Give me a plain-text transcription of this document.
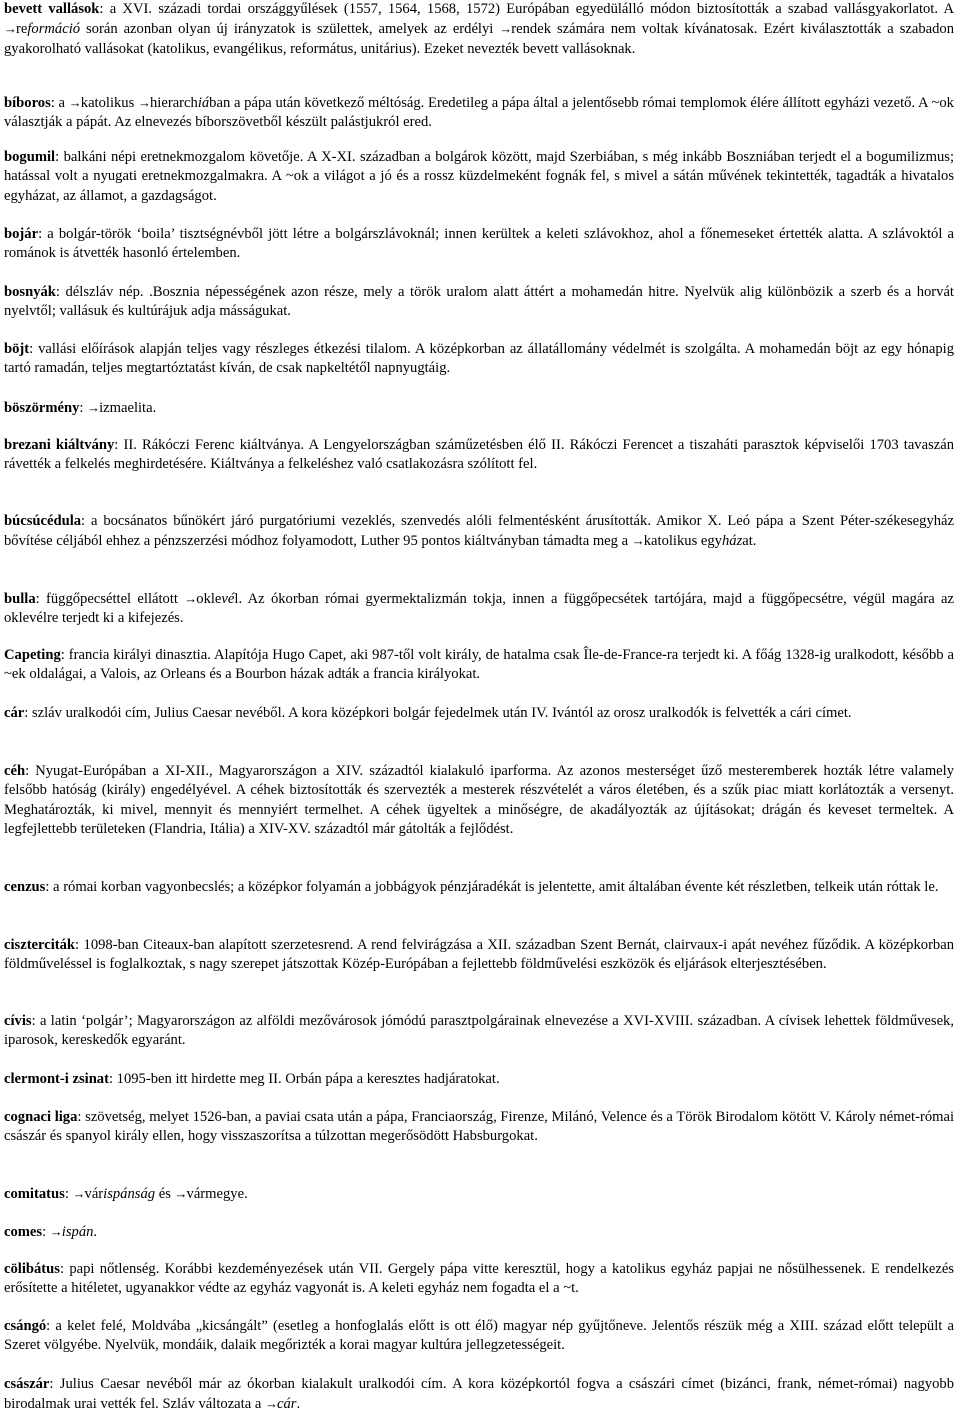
bevett vallások: a XVI. századi tordai országgyűlések (1557, 1564, 1568, 1572) Európában egyedülálló módon biztosították a szabad vallásgyakorlatot. A →reformáció során azonban olyan új irányzatok is születtek, amelyek az erdélyi →rendek számára nem voltak kívánatosak. Ezért kiválasztották a szabadon gyakorolható vallásokat (katolikus, evangélikus, református, unitárius). Ezeket nevezték bevett vallásoknak.

bíboros: a →katolikus →hierarchiában a pápa után következő méltóság. Eredetileg a pápa által a jelentősebb római templomok élére állított egyházi vezető. A ~ok választják a pápát. Az elnevezés bíborszövetből készült palástjukról ered.

bogumil: balkáni népi eretnekmozgalom követője. A X-XI. században a bolgárok között, majd Szerbiában, s még inkább Boszniában terjedt el a bogumilizmus; hatással volt a nyugati eretnekmozgalmakra. A ~ok a világot a jó és a rossz küzdelmeként fognák fel, s mivel a sátán művének tekintették, tagadták a hivatalos egyházat, az államot, a gazdagságot.

bojár: a bolgár-török ‘boila’ tisztségnévből jött létre a bolgárszlávoknál; innen kerültek a keleti szlávokhoz, ahol a főnemeseket értették alatta. A szlávoktól a románok is átvették hasonló értelemben.

bosnyák: délszláv nép. .Bosznia népességének azon része, mely a török uralom alatt áttért a mohamedán hitre. Nyelvük alig különbözik a szerb és a horvát nyelvtől; vallásuk és kultúrájuk adja másságukat.

böjt: vallási előírások alapján teljes vagy részleges étkezési tilalom. A középkorban az állatállomány védelmét is szolgálta. A mohamedán böjt az egy hónapig tartó ramadán, teljes megtartóztatást kíván, de csak napkeltétől napnyugtáig.

böszörmény: →izmaelita.

brezani kiáltvány: II. Rákóczi Ferenc kiáltványa. A Lengyelországban száműzetésben élő II. Rákóczi Ferencet a tiszaháti parasztok képviselői 1703 tavaszán rávették a felkelés meghirdetésére. Kiáltványa a felkeléshez való csatlakozásra szólított fel.

búcsúcédula: a bocsánatos bűnökért járó purgatóriumi vezeklés, szenvedés alóli felmentésként árusították. Amikor X. Leó pápa a Szent Péter-székesegyház bővítése céljából ehhez a pénzszerzési módhoz folyamodott, Luther 95 pontos kiáltványban támadta meg a →katolikus egyházat.

bulla: függőpecséttel ellátott →oklevél. Az ókorban római gyermektalizmán tokja, innen a függőpecsétek tartójára, majd a függőpecsétre, végül magára az oklevélre terjedt ki a kifejezés.

Capeting: francia királyi dinasztia. Alapítója Hugo Capet, aki 987-től volt király, de hatalma csak Île-de-France-ra terjedt ki. A főág 1328-ig uralkodott, később a ~ek oldalágai, a Valois, az Orleans és a Bourbon házak adták a francia királyokat.

cár: szláv uralkodói cím, Julius Caesar nevéből. A kora középkori bolgár fejedelmek után IV. Ivántól az orosz uralkodók is felvették a cári címet.

céh: Nyugat-Európában a XI-XII., Magyarországon a XIV. századtól kialakuló iparforma. Az azonos mesterséget űző mesteremberek hozták létre valamely felsőbb hatóság (király) engedélyével. A céhek biztosították és szervezték a mesterek részvételét a város életében, és a szűk piac miatt korlátozták a versenyt. Meghatározták, ki mivel, mennyit és mennyiért termelhet. A céhek ügyeltek a minőségre, de akadályozták az újításokat; drágán és keveset termeltek. A legfejlettebb területeken (Flandria, Itália) a XIV-XV. századtól már gátolták a fejlődést.

cenzus: a római korban vagyonbecslés; a középkor folyamán a jobbágyok pénzjáradékát is jelentette, amit általában évente két részletben, telkeik után róttak le.

ciszterciták: 1098-ban Citeaux-ban alapított szerzetesrend. A rend felvirágzása a XII. században Szent Bernát, clairvaux-i apát nevéhez fűződik. A középkorban földműveléssel is foglalkoztak, s nagy szerepet játszottak Közép-Európában a fejlettebb földművelési eszközök és eljárások elterjesztésében.

cívis: a latin ‘polgár’; Magyarországon az alföldi mezővárosok jómódú parasztpolgárainak elnevezése a XVI-XVIII. században. A cívisek lehettek földművesek, iparosok, kereskedők egyaránt.

clermont-i zsinat: 1095-ben itt hirdette meg II. Orbán pápa a keresztes hadjáratokat.

cognaci liga: szövetség, melyet 1526-ban, a paviai csata után a pápa, Franciaország, Firenze, Milánó, Velence és a Török Birodalom kötött V. Károly német-római császár és spanyol király ellen, hogy visszaszorítsa a túlzottan megerősödött Habsburgokat.

comitatus: →várispánság és →vármegye.

comes: →ispán.

cölibátus: papi nőtlenség. Korábbi kezdeményezések után VII. Gergely pápa vitte keresztül, hogy a katolikus egyház papjai ne nősülhessenek. E rendelkezés erősítette a hitéletet, ugyanakkor védte az egyház vagyonát is. A keleti egyház nem fogadta el a ~t.

csángó: a kelet felé, Moldvába „kicsángált” (esetleg a honfoglalás előtt is ott élő) magyar nép gyűjtőneve. Jelentős részük még a XIII. század előtt települt a Szeret völgyébe. Nyelvük, mondáik, dalaik megőrizték a korai magyar kultúra jellegzetességeit.

császár: Julius Caesar nevéből már az ókorban kialakult uralkodói cím. A kora középkortól fogva a császári címet (bizánci, frank, német-római) nagyobb birodalmak urai vették fel. Szláv változata a →cár.
